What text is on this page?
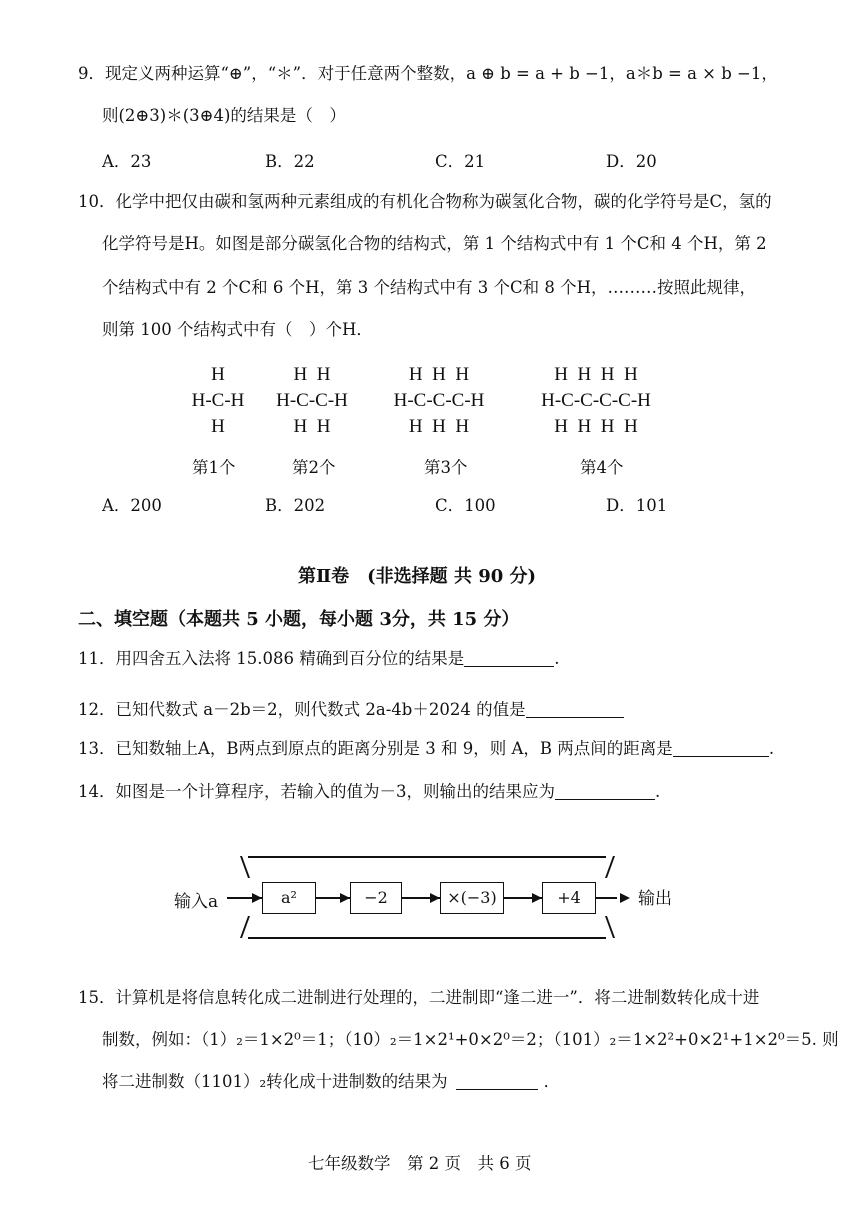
9．现定义两种运算“⊕”，“＊”．对于任意两个整数，a ⊕ b = a + b −1，a＊b = a × b −1，
则(2⊕3)＊(3⊕4)的结果是（　）
A．23	B．22	C．21	D．20
10．化学中把仅由碳和氢两种元素组成的有机化合物称为碳氢化合物，碳的化学符号是C，氢的
化学符号是H。如图是部分碳氢化合物的结构式，第 1 个结构式中有 1 个C和 4 个H，第 2
个结构式中有 2 个C和 6 个H，第 3 个结构式中有 3 个C和 8 个H，………按照此规律，
则第 100 个结构式中有（　）个H．
H
H-C-H
H
H  H
H-C-C-H
H  H
H  H  H
H-C-C-C-H
H  H  H
H  H  H  H
H-C-C-C-C-H
H  H  H  H
第1个	第2个	第3个	第4个
A．200	B．202	C．100	D．101
第Ⅱ卷　(非选择题 共 90 分)
二、填空题（本题共 5 小题，每小题 3分，共 15 分）
11．用四舍五入法将 15.086 精确到百分位的结果是	.
12．已知代数式 a－2b＝2，则代数式 2a-4b＋2024 的值是
13．已知数轴上A，B两点到原点的距离分别是 3 和 9，则 A，B 两点间的距离是	.
14．如图是一个计算程序，若输入的值为－3，则输出的结果应为	.
输入a	a²	−2	×(−3)	+4	输出
15．计算机是将信息转化成二进制进行处理的，二进制即“逢二进一”．将二进制数转化成十进
制数，例如：（1）₂＝1×2⁰＝1；（10）₂＝1×2¹+0×2⁰＝2；（101）₂＝1×2²+0×2¹+1×2⁰＝5. 则
将二进制数（1101）₂转化成十进制数的结果为	．
七年级数学　第 2 页　共 6 页
